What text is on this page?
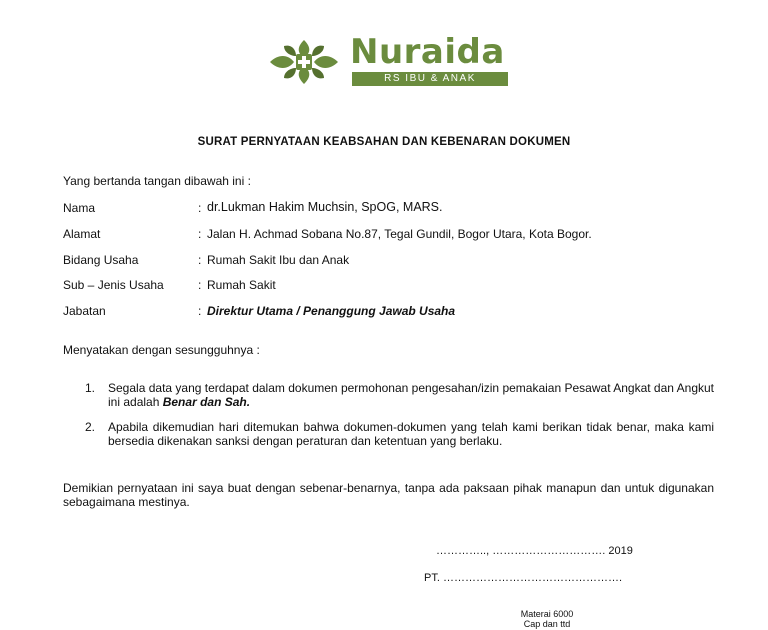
Nuraida
RS IBU & ANAK
SURAT PERNYATAAN KEABSAHAN DAN KEBENARAN DOKUMEN
Yang bertanda tangan dibawah ini :
Nama	: dr.Lukman Hakim Muchsin, SpOG, MARS.
Alamat	: Jalan H. Achmad Sobana No.87, Tegal Gundil, Bogor Utara, Kota Bogor.
Bidang Usaha	: Rumah Sakit Ibu dan Anak
Sub – Jenis Usaha	: Rumah Sakit
Jabatan	: Direktur Utama / Penanggung Jawab Usaha
Menyatakan dengan sesungguhnya :
1. Segala data yang terdapat dalam dokumen permohonan pengesahan/izin pemakaian Pesawat Angkat dan Angkut ini adalah Benar dan Sah.
2. Apabila dikemudian hari ditemukan bahwa dokumen-dokumen yang telah kami berikan tidak benar, maka kami bersedia dikenakan sanksi dengan peraturan dan ketentuan yang berlaku.
Demikian pernyataan ini saya buat dengan sebenar-benarnya, tanpa ada paksaan pihak manapun dan untuk digunakan sebagaimana mestinya.
………….., …………………………. 2019
PT. ………………………………………….
Materai 6000
Cap dan ttd
